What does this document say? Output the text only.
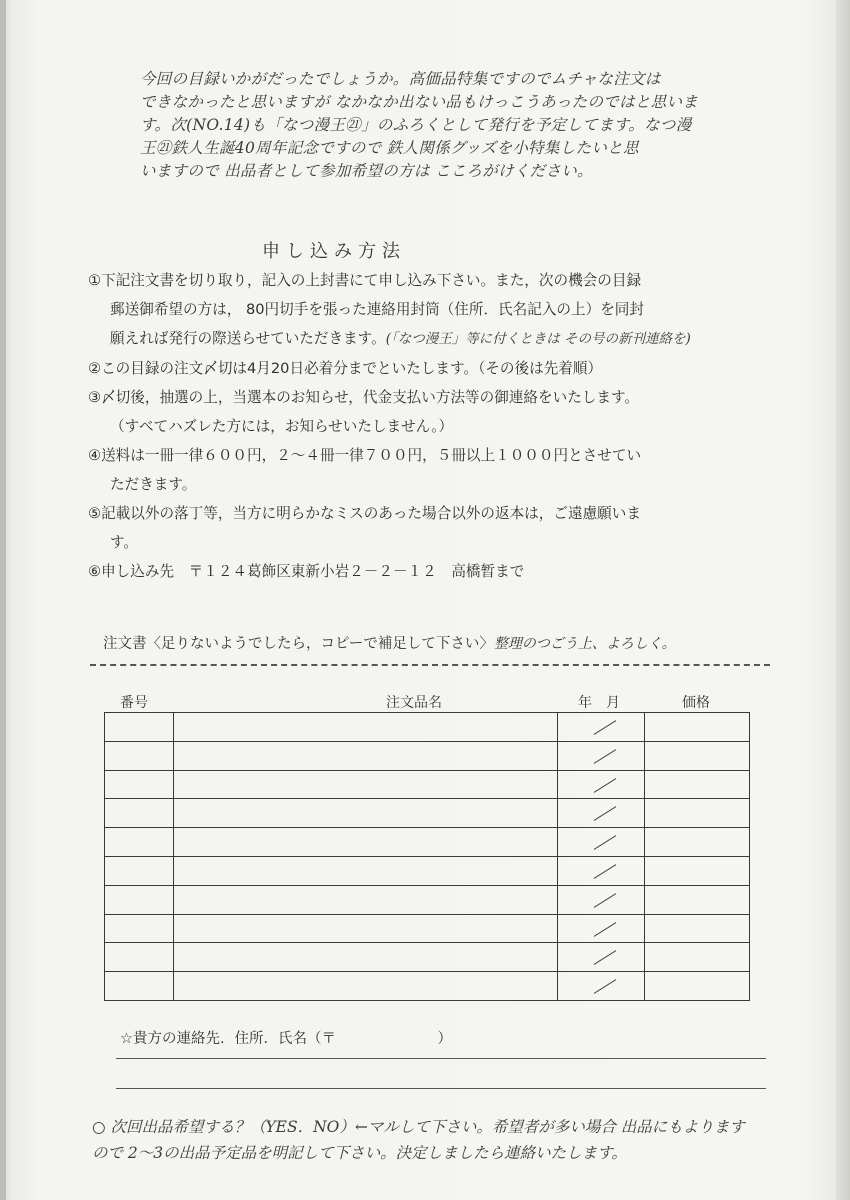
今回の目録いかがだったでしょうか。高価品特集ですのでムチャな注文は
できなかったと思いますが なかなか出ない品もけっこうあったのではと思いま
す。次(NO.14)も「なつ漫王㉑」のふろくとして発行を予定してます。なつ漫
王㉑鉄人生誕40周年記念ですので 鉄人関係グッズを小特集したいと思
いますので 出品者として参加希望の方は こころがけください。
申し込み方法
①下記注文書を切り取り，記入の上封書にて申し込み下さい。また，次の機会の目録
郵送御希望の方は， 80円切手を張った連絡用封筒（住所．氏名記入の上）を同封
願えれば発行の際送らせていただきます。(「なつ漫王」等に付くときは その号の新刊連絡を)
②この目録の注文〆切は4月20日必着分までといたします。（その後は先着順）
③〆切後，抽選の上，当選本のお知らせ，代金支払い方法等の御連絡をいたします。
（すべてハズレた方には，お知らせいたしません。）
④送料は一冊一律６００円，２～４冊一律７００円，５冊以上１０００円とさせてい
ただきます。
⑤記載以外の落丁等，当方に明らかなミスのあった場合以外の返本は，ご遠慮願いま
す。
⑥申し込み先　〒１２４葛飾区東新小岩２－２－１２　高橋暂まで
注文書〈足りないようでしたら，コピーで補足して下さい〉整理のつごう上、よろしく。
番号	注文品名	年　月	価格

☆貴方の連絡先．住所．氏名（〒　　　　　　　）
○ 次回出品希望する？（YES．NO）←マルして下さい。希望者が多い場合 出品にもよります
ので 2～3の出品予定品を明記して下さい。決定しましたら連絡いたします。
